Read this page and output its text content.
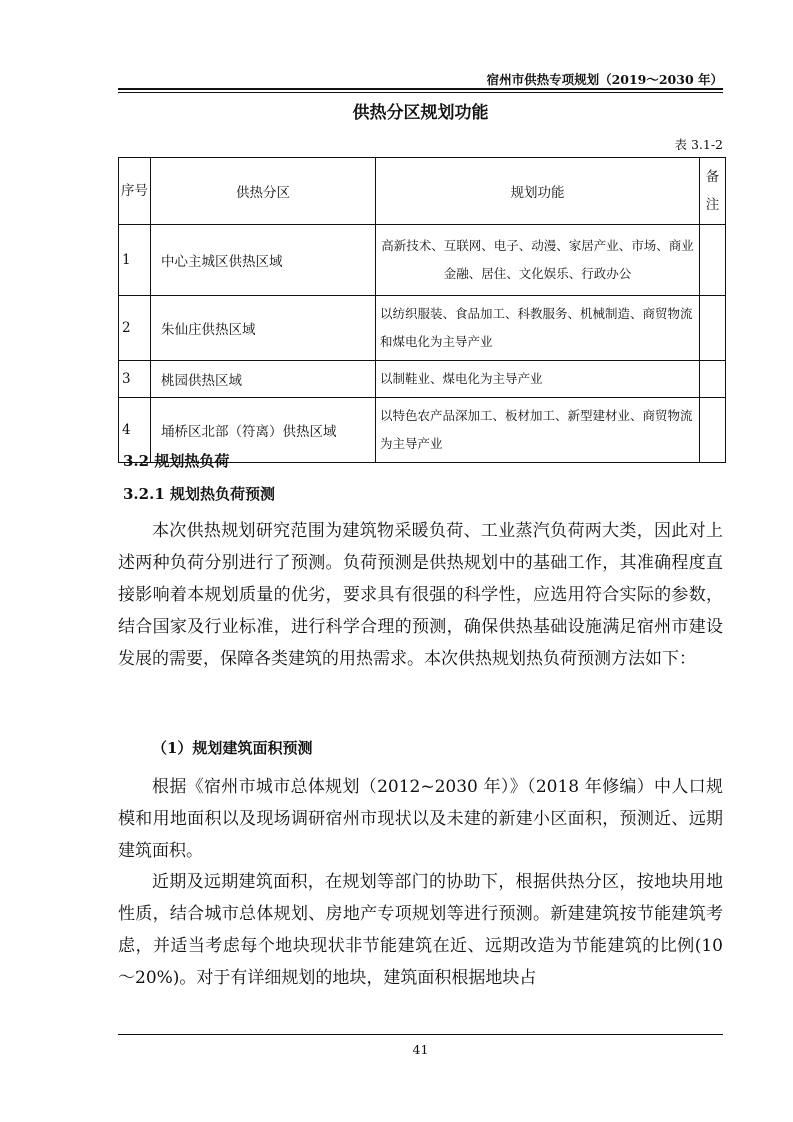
宿州市供热专项规划（2019～2030 年）
供热分区规划功能
表 3.1-2
序号	供热分区	规划功能	备注
1	中心主城区供热区域	高新技术、互联网、电子、动漫、家居产业、市场、商业金融、居住、文化娱乐、行政办公	
2	朱仙庄供热区域	以纺织服装、食品加工、科教服务、机械制造、商贸物流和煤电化为主导产业	
3	桃园供热区域	以制鞋业、煤电化为主导产业	
4	埇桥区北部（符离）供热区域	以特色农产品深加工、板材加工、新型建材业、商贸物流为主导产业	
3.2 规划热负荷
3.2.1 规划热负荷预测

本次供热规划研究范围为建筑物采暖负荷、工业蒸汽负荷两大类，因此对上述两种负荷分别进行了预测。负荷预测是供热规划中的基础工作，其准确程度直接影响着本规划质量的优劣，要求具有很强的科学性，应选用符合实际的参数，结合国家及行业标准，进行科学合理的预测，确保供热基础设施满足宿州市建设发展的需要，保障各类建筑的用热需求。本次供热规划热负荷预测方法如下：

（1）规划建筑面积预测

根据《宿州市城市总体规划（2012~2030 年）》（2018 年修编）中人口规模和用地面积以及现场调研宿州市现状以及未建的新建小区面积，预测近、远期建筑面积。

近期及远期建筑面积，在规划等部门的协助下，根据供热分区，按地块用地性质，结合城市总体规划、房地产专项规划等进行预测。新建建筑按节能建筑考虑，并适当考虑每个地块现状非节能建筑在近、远期改造为节能建筑的比例(10～20%)。对于有详细规划的地块，建筑面积根据地块占

41
